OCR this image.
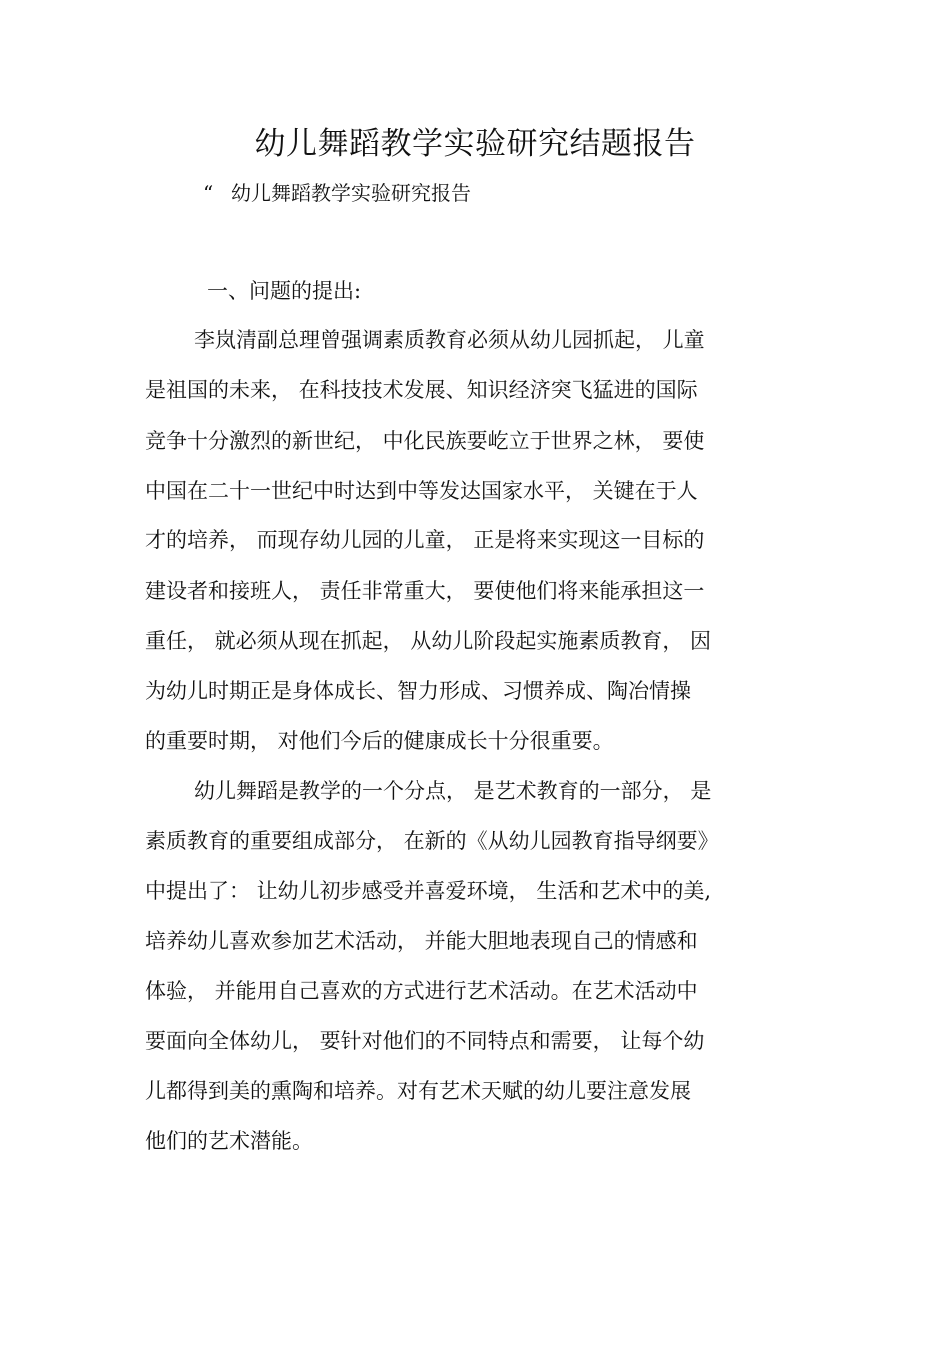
幼儿舞蹈教学实验研究结题报告
“ 幼儿舞蹈教学实验研究报告
一、问题的提出:
李岚清副总理曾强调素质教育必须从幼儿园抓起， 儿童
是祖国的未来， 在科技技术发展、知识经济突飞猛进的国际
竞争十分激烈的新世纪， 中化民族要屹立于世界之林， 要使
中国在二十一世纪中时达到中等发达国家水平， 关键在于人
才的培养， 而现存幼儿园的儿童， 正是将来实现这一目标的
建设者和接班人， 责任非常重大， 要使他们将来能承担这一
重任， 就必须从现在抓起， 从幼儿阶段起实施素质教育， 因
为幼儿时期正是身体成长、智力形成、习惯养成、陶冶情操
的重要时期， 对他们今后的健康成长十分很重要。
幼儿舞蹈是教学的一个分点， 是艺术教育的一部分， 是
素质教育的重要组成部分， 在新的《从幼儿园教育指导纲要》
中提出了： 让幼儿初步感受并喜爱环境， 生活和艺术中的美,
培养幼儿喜欢参加艺术活动， 并能大胆地表现自己的情感和
体验， 并能用自己喜欢的方式进行艺术活动。在艺术活动中
要面向全体幼儿， 要针对他们的不同特点和需要， 让每个幼
儿都得到美的熏陶和培养。对有艺术天赋的幼儿要注意发展
他们的艺术潜能。
